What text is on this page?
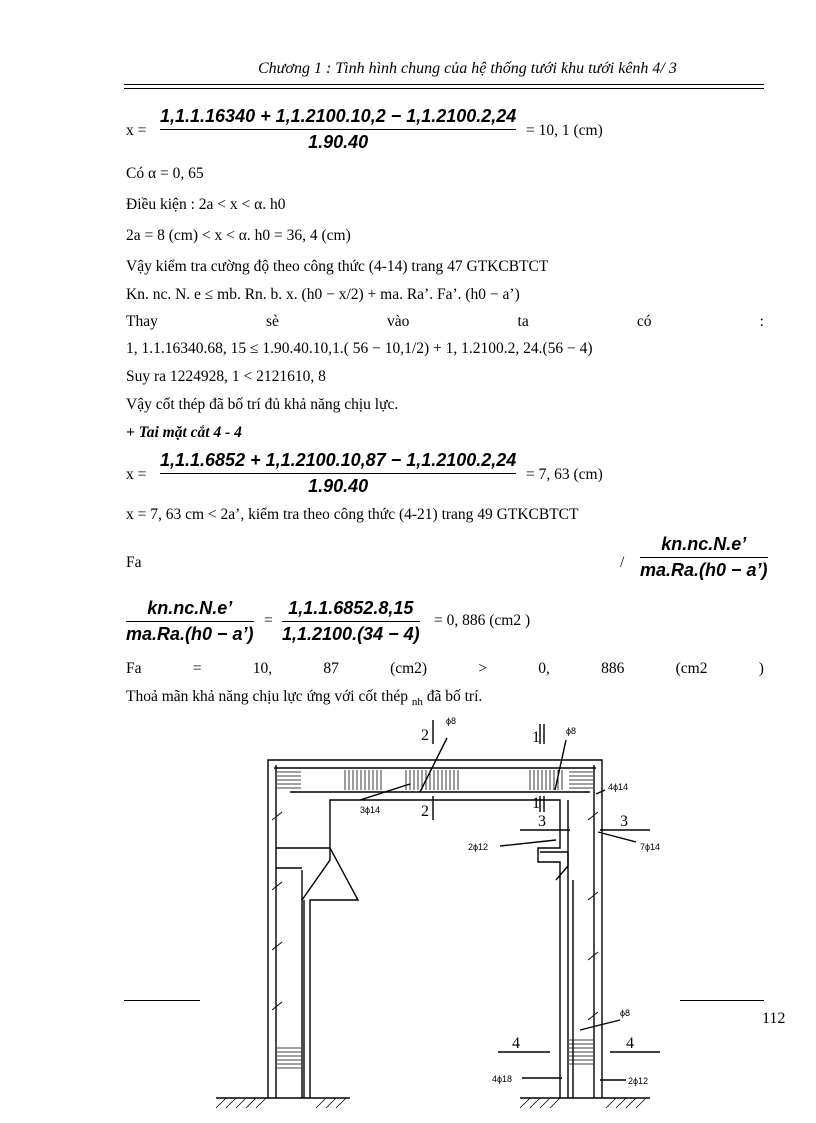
Chương 1 : Tình hình chung của hệ thống tưới khu tưới kênh 4/ 3
x =
1,1.1.16340 + 1,1.2100.10,2 − 1,1.2100.2,24
1.90.40
= 10, 1 (cm)
Có α = 0, 65
Điều kiện : 2a < x < α. h0
2a = 8 (cm) < x < α. h0 = 36, 4 (cm)
Vậy kiểm tra cường độ theo công thức (4-14) trang 47 GTKCBTCT
Kn. nc. N. e ≤ mb. Rn. b. x. (h0 − x/2) + ma. Ra’. Fa’. (h0 − a’)
Thay	sè	vào	ta	có	:
1, 1.1.16340.68, 15 ≤ 1.90.40.10,1.( 56 − 10,1/2) + 1, 1.2100.2, 24.(56 − 4)
Suy ra 1224928, 1 < 2121610, 8
Vậy cốt thép đã bố trí đủ khả năng chịu lực.
+ Tai mặt cắt 4 - 4
x =
1,1.1.6852 + 1,1.2100.10,87 − 1,1.2100.2,24
1.90.40
= 7, 63 (cm)
x = 7, 63 cm < 2a’, kiểm tra theo công thức (4-21) trang 49 GTKCBTCT
Fa	/
kn.nc.N.e’
ma.Ra.(h0 − a’)
kn.nc.N.e’
ma.Ra.(h0 − a’)
=
1,1.1.6852.8,15
1,1.2100.(34 − 4)
= 0, 886 (cm2 )
Fa	=	10,	87	(cm2)	>	0,	886	(cm2	)
Thoả mãn khả năng chịu lực ứng với cốt thép $_{nh}$ đã bố trí.
112
2
2
1
1
3	3
4	4
3ϕ14
4ϕ14
2ϕ12	7ϕ14
4ϕ18	2ϕ12
ϕ8
ϕ8
ϕ8
